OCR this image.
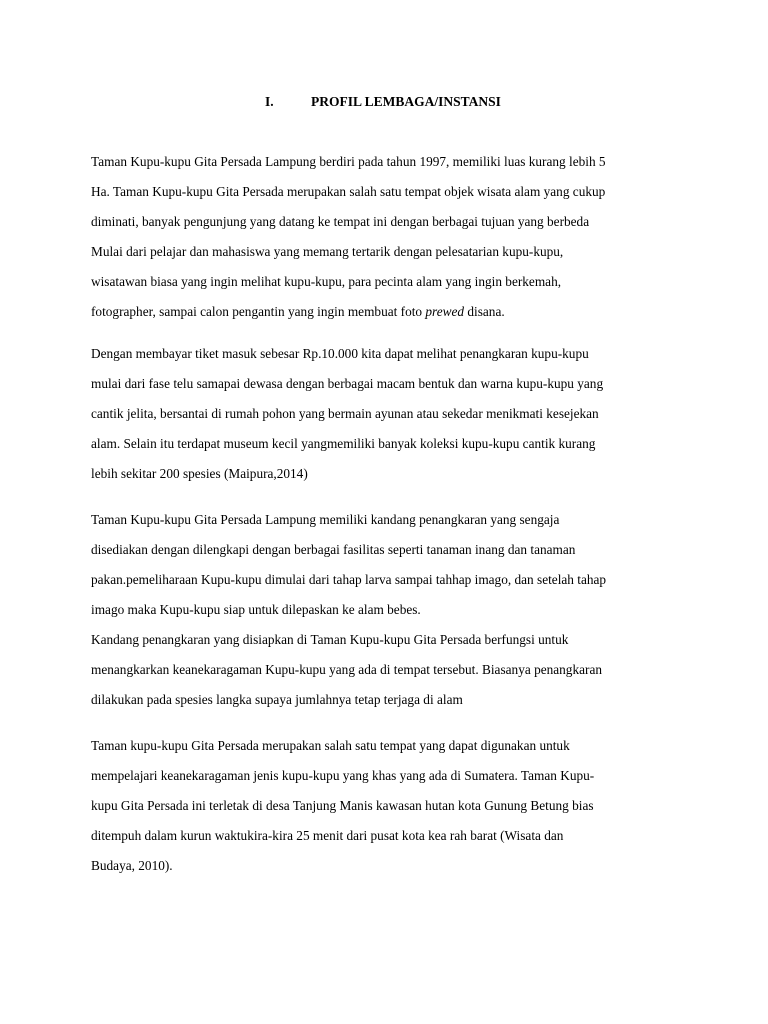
I.	PROFIL LEMBAGA/INSTANSI
Taman Kupu-kupu Gita Persada Lampung berdiri pada tahun 1997, memiliki luas kurang lebih 5
Ha. Taman Kupu-kupu Gita Persada merupakan salah satu tempat objek wisata alam yang cukup
diminati, banyak pengunjung yang datang ke tempat ini dengan berbagai tujuan yang berbeda
Mulai dari pelajar dan mahasiswa yang memang tertarik dengan pelesatarian kupu-kupu,
wisatawan biasa yang ingin melihat kupu-kupu, para pecinta alam yang ingin berkemah,
fotographer, sampai calon pengantin yang ingin membuat foto prewed disana.
Dengan membayar tiket masuk sebesar Rp.10.000 kita dapat melihat penangkaran kupu-kupu
mulai dari fase telu samapai dewasa dengan berbagai macam bentuk dan warna kupu-kupu yang
cantik jelita, bersantai di rumah pohon yang bermain ayunan atau sekedar menikmati kesejekan
alam. Selain itu terdapat museum kecil yangmemiliki banyak koleksi kupu-kupu cantik kurang
lebih sekitar 200 spesies (Maipura,2014)
Taman Kupu-kupu Gita Persada Lampung memiliki kandang penangkaran yang sengaja
disediakan dengan dilengkapi dengan berbagai fasilitas seperti tanaman inang dan tanaman
pakan.pemeliharaan Kupu-kupu dimulai dari tahap larva sampai tahhap imago, dan setelah tahap
imago maka Kupu-kupu siap untuk dilepaskan ke alam bebes.
Kandang penangkaran yang disiapkan di Taman Kupu-kupu Gita Persada berfungsi untuk
menangkarkan keanekaragaman Kupu-kupu yang ada di tempat tersebut. Biasanya penangkaran
dilakukan pada spesies langka supaya jumlahnya tetap terjaga di alam
Taman kupu-kupu Gita Persada merupakan salah satu tempat yang dapat digunakan untuk
mempelajari keanekaragaman jenis kupu-kupu yang khas yang ada di Sumatera. Taman Kupu-
kupu Gita Persada ini terletak di desa Tanjung Manis kawasan hutan kota Gunung Betung bias
ditempuh dalam kurun waktukira-kira 25 menit dari pusat kota kea rah barat (Wisata dan
Budaya, 2010).
